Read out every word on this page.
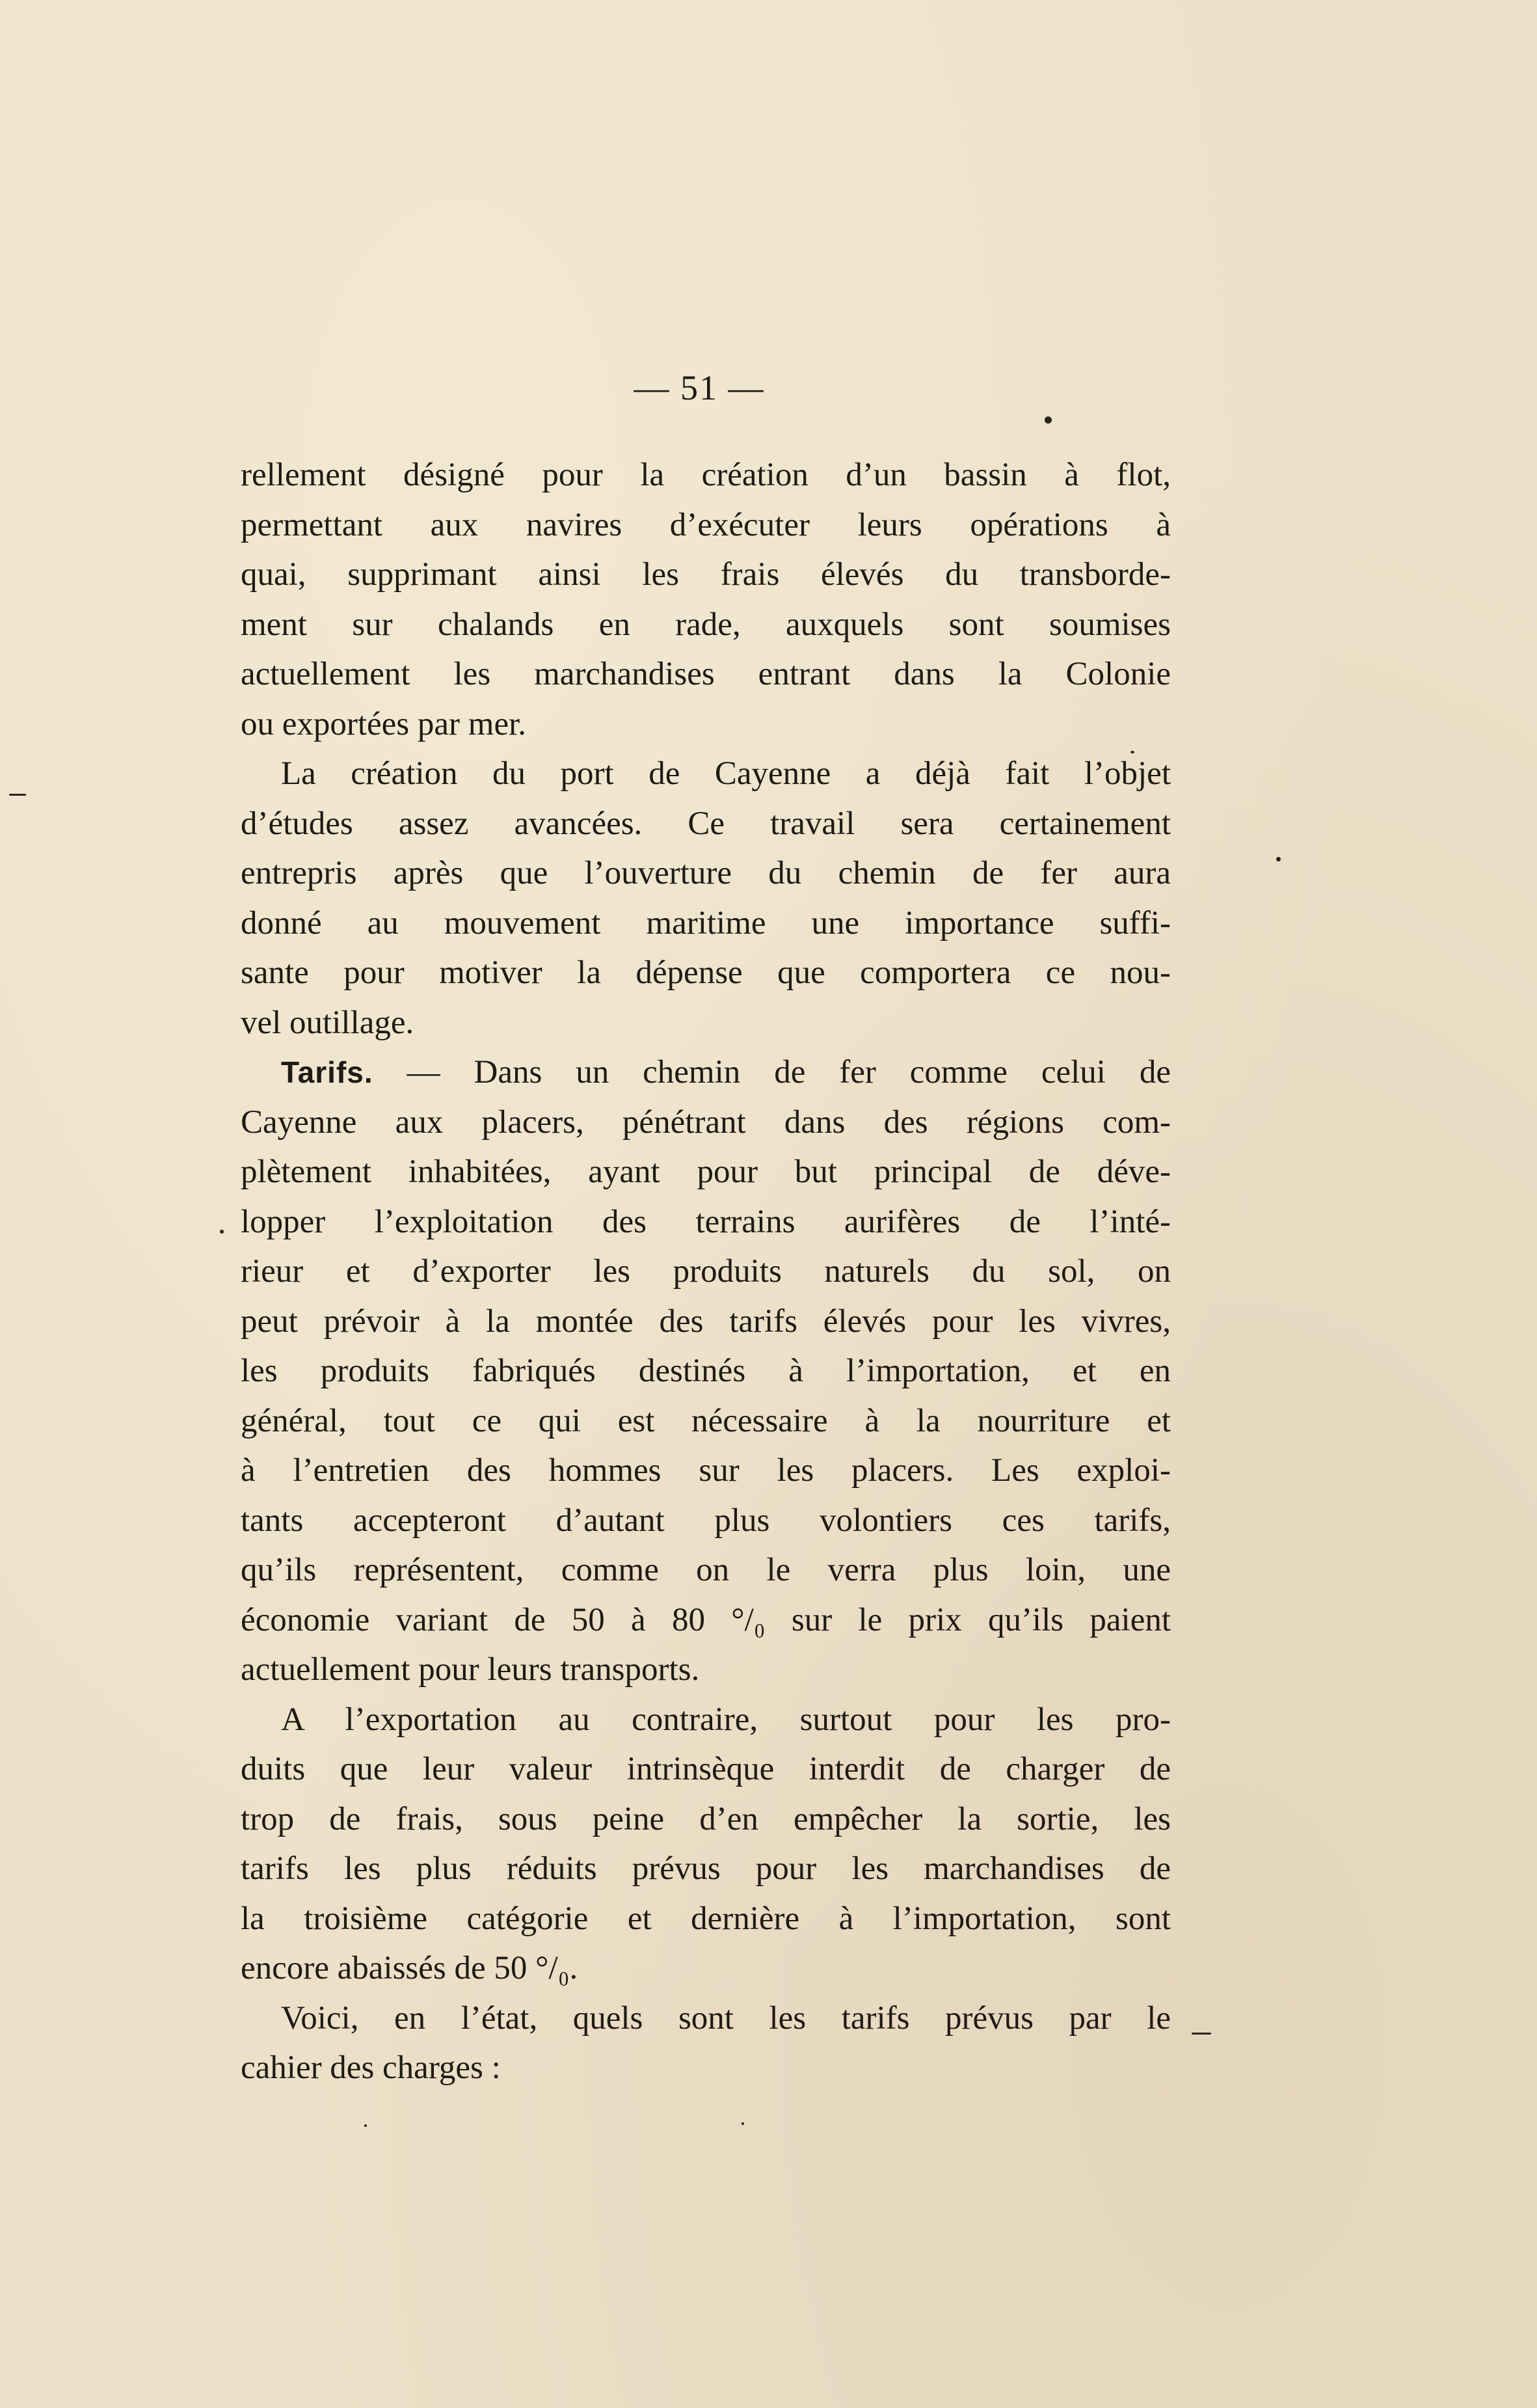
— 51 —
rellement désigné pour la création d’un bassin à flot,
permettant aux navires d’exécuter leurs opérations à
quai, supprimant ainsi les frais élevés du transborde-
ment sur chalands en rade, auxquels sont soumises
actuellement les marchandises entrant dans la Colonie
ou exportées par mer.
La création du port de Cayenne a déjà fait l’objet
d’études assez avancées. Ce travail sera certainement
entrepris après que l’ouverture du chemin de fer aura
donné au mouvement maritime une importance suffi-
sante pour motiver la dépense que comportera ce nou-
vel outillage.
Tarifs. — Dans un chemin de fer comme celui de
Cayenne aux placers, pénétrant dans des régions com-
plètement inhabitées, ayant pour but principal de déve-
lopper l’exploitation des terrains aurifères de l’inté-
rieur et d’exporter les produits naturels du sol, on
peut prévoir à la montée des tarifs élevés pour les vivres,
les produits fabriqués destinés à l’importation, et en
général, tout ce qui est nécessaire à la nourriture et
à l’entretien des hommes sur les placers. Les exploi-
tants accepteront d’autant plus volontiers ces tarifs,
qu’ils représentent, comme on le verra plus loin, une
économie variant de 50 à 80 °/₀ sur le prix qu’ils paient
actuellement pour leurs transports.
A l’exportation au contraire, surtout pour les pro-
duits que leur valeur intrinsèque interdit de charger de
trop de frais, sous peine d’en empêcher la sortie, les
tarifs les plus réduits prévus pour les marchandises de
la troisième catégorie et dernière à l’importation, sont
encore abaissés de 50 °/₀.
Voici, en l’état, quels sont les tarifs prévus par le
cahier des charges :
